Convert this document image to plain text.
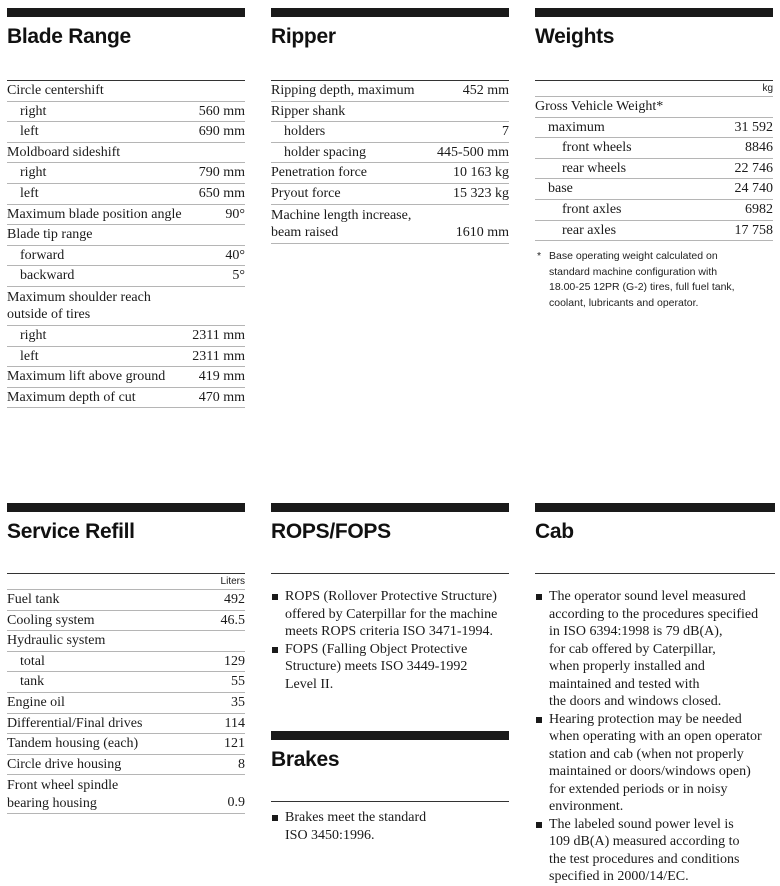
Blade Range
Circle centershift
right	560 mm
left	690 mm
Moldboard sideshift
right	790 mm
left	650 mm
Maximum blade position angle	90°
Blade tip range
forward	40°
backward	5°
Maximum shoulder reach
outside of tires
right	2311 mm
left	2311 mm
Maximum lift above ground 419 mm
Maximum depth of cut	470 mm
Ripper
Ripping depth, maximum	452 mm
Ripper shank
holders	7
holder spacing	445-500 mm
Penetration force	10 163 kg
Pryout force	15 323 kg
Machine length increase,
beam raised	1610 mm
Weights
kg
Gross Vehicle Weight*
maximum	31 592
front wheels	8846
rear wheels	22 746
base	24 740
front axles	6982
rear axles	17 758
* Base operating weight calculated on
standard machine configuration with
18.00-25 12PR (G-2) tires, full fuel tank,
coolant, lubricants and operator.
Service Refill
Liters
Fuel tank	492
Cooling system	46.5
Hydraulic system
total	129
tank	55
Engine oil	35
Differential/Final drives	114
Tandem housing (each)	121
Circle drive housing	8
Front wheel spindle
bearing housing	0.9
ROPS/FOPS
ROPS (Rollover Protective Structure)
offered by Caterpillar for the machine
meets ROPS criteria ISO 3471-1994.
FOPS (Falling Object Protective
Structure) meets ISO 3449-1992
Level II.
Brakes
Brakes meet the standard
ISO 3450:1996.
Cab
The operator sound level measured
according to the procedures specified
in ISO 6394:1998 is 79 dB(A),
for cab offered by Caterpillar,
when properly installed and
maintained and tested with
the doors and windows closed.
Hearing protection may be needed
when operating with an open operator
station and cab (when not properly
maintained or doors/windows open)
for extended periods or in noisy
environment.
The labeled sound power level is
109 dB(A) measured according to
the test procedures and conditions
specified in 2000/14/EC.
